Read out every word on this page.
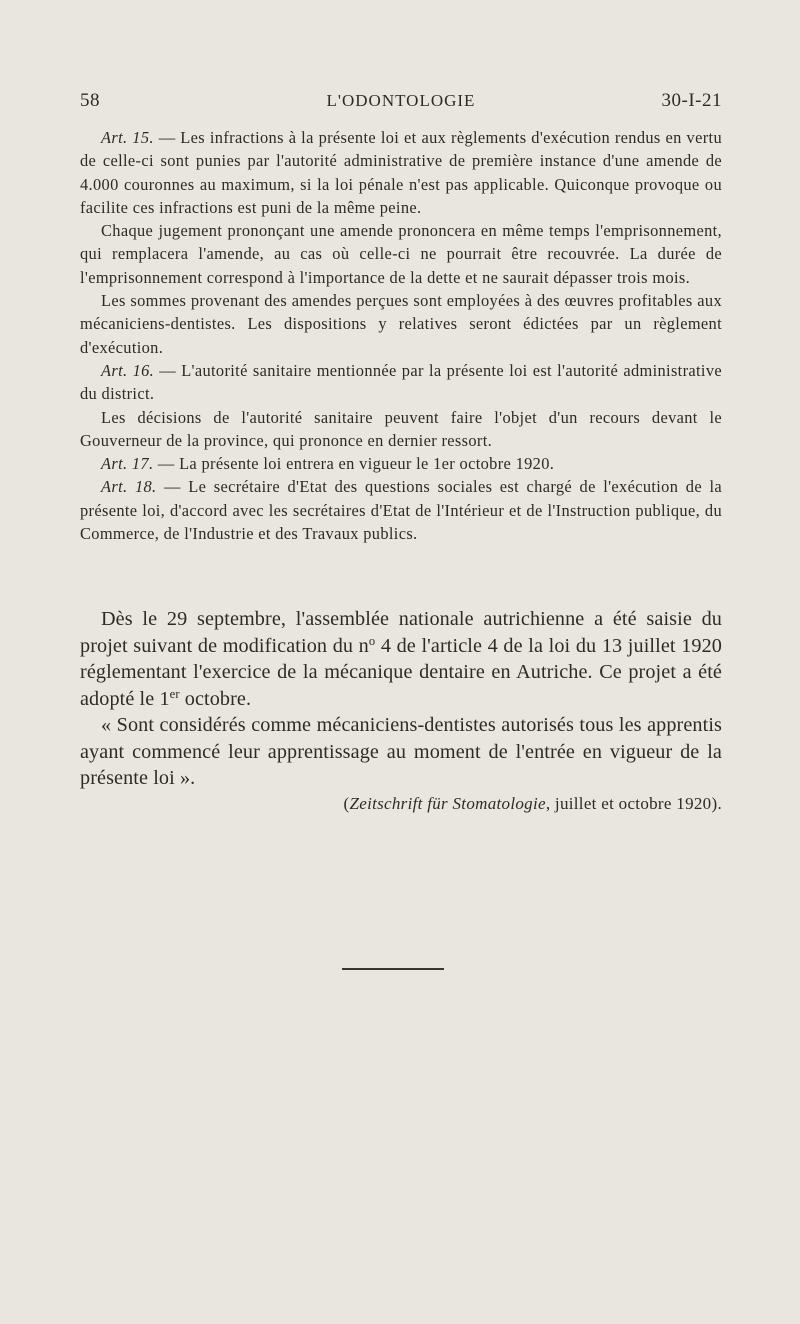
58	L'ODONTOLOGIE	30-I-21

Art. 15. — Les infractions à la présente loi et aux règlements d'exécution rendus en vertu de celle-ci sont punies par l'autorité administrative de première instance d'une amende de 4.000 couronnes au maximum, si la loi pénale n'est pas applicable. Quiconque provoque ou facilite ces infractions est puni de la même peine.

Chaque jugement prononçant une amende prononcera en même temps l'emprisonnement, qui remplacera l'amende, au cas où celle-ci ne pourrait être recouvrée. La durée de l'emprisonnement correspond à l'importance de la dette et ne saurait dépasser trois mois.

Les sommes provenant des amendes perçues sont employées à des œuvres profitables aux mécaniciens-dentistes. Les dispositions y relatives seront édictées par un règlement d'exécution.

Art. 16. — L'autorité sanitaire mentionnée par la présente loi est l'autorité administrative du district.

Les décisions de l'autorité sanitaire peuvent faire l'objet d'un recours devant le Gouverneur de la province, qui prononce en dernier ressort.

Art. 17. — La présente loi entrera en vigueur le 1er octobre 1920.

Art. 18. — Le secrétaire d'Etat des questions sociales est chargé de l'exécution de la présente loi, d'accord avec les secrétaires d'Etat de l'Intérieur et de l'Instruction publique, du Commerce, de l'Industrie et des Travaux publics.

Dès le 29 septembre, l'assemblée nationale autrichienne a été saisie du projet suivant de modification du $n^o$ 4 de l'article 4 de la loi du 13 juillet 1920 réglementant l'exercice de la mécanique dentaire en Autriche. Ce projet a été adopté le 1er octobre.

« Sont considérés comme mécaniciens-dentistes autorisés tous les apprentis ayant commencé leur apprentissage au moment de l'entrée en vigueur de la présente loi ».

(Zeitschrift für Stomatologie, juillet et octobre 1920).
